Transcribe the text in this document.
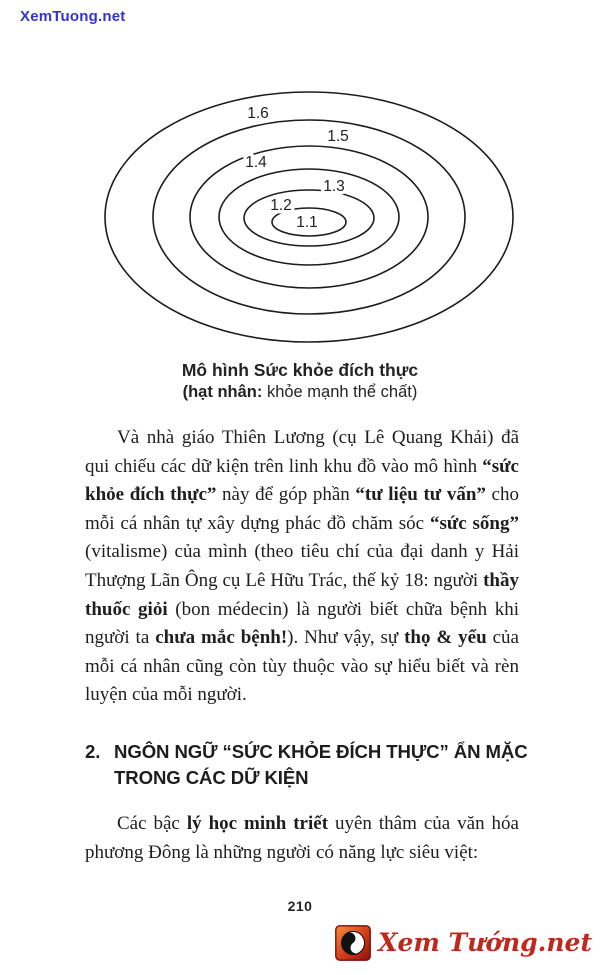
XemTuong.net
1.6
1.5
1.4
1.3
1.2
1.1
Mô hình Sức khỏe đích thực
(hạt nhân: khỏe mạnh thể chất)

Và nhà giáo Thiên Lương (cụ Lê Quang Khải) đã qui chiếu các dữ kiện trên linh khu đồ vào mô hình “sức khỏe đích thực” này để góp phần “tư liệu tư vấn” cho mỗi cá nhân tự xây dựng phác đồ chăm sóc “sức sống” (vitalisme) của mình (theo tiêu chí của đại danh y Hải Thượng Lãn Ông cụ Lê Hữu Trác, thế kỷ 18: người thầy thuốc giỏi (bon médecin) là người biết chữa bệnh khi người ta chưa mắc bệnh!). Như vậy, sự thọ & yểu của mỗi cá nhân cũng còn tùy thuộc vào sự hiểu biết và rèn luyện của mỗi người.

2. NGÔN NGỮ “SỨC KHỎE ĐÍCH THỰC” ẨN MẶC TRONG CÁC DỮ KIỆN

Các bậc lý học minh triết uyên thâm của văn hóa phương Đông là những người có năng lực siêu việt:

210
Xem Tướng.net
